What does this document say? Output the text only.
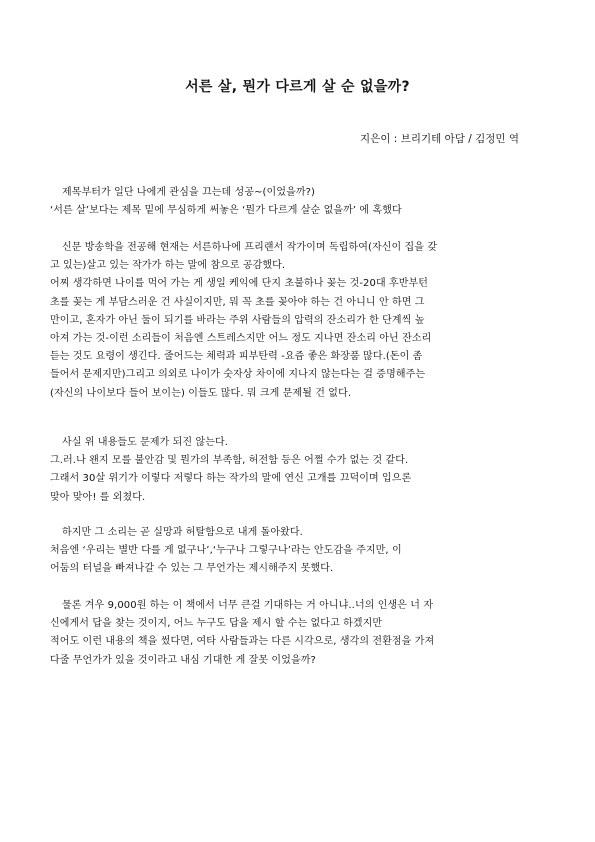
서른 살, 뭔가 다르게 살 순 없을까?
지은이 : 브리기테 아담 / 김정민 역
제목부터가 일단 나에게 관심을 끄는데 성공~(이었을까?)
‘서른 살’보다는 제목 밑에 무심하게 써놓은 ‘뭔가 다르게 살순 없을까’ 에 혹했다
신문 방송학을 전공해 현재는 서른하나에 프리랜서 작가이며 독립하여(자신이 집을 갖
고 있는)살고 있는 작가가 하는 말에 참으로 공감했다.
어찌 생각하면 나이를 먹어 가는 게 생일 케익에 단지 초불하나 꽂는 것-20대 후반부턴
초를 꽂는 게 부담스러운 건 사실이지만, 뭐 꼭 초를 꽂아야 하는 건 아니니 안 하면 그
만이고, 혼자가 아닌 둘이 되기를 바라는 주위 사람들의 압력의 잔소리가 한 단계씩 높
아져 가는 것-이런 소리들이 처음엔 스트레스지만 어느 정도 지나면 잔소리 아닌 잔소리
듣는 것도 요령이 생긴다. 줄어드는 체력과 피부탄력 -요즘 좋은 화장품 많다.(돈이 좀
들어서 문제지만)그리고 의외로 나이가 숫자상 차이에 지나지 않는다는 걸 증명해주는
(자신의 나이보다 들어 보이는) 이들도 많다. 뭐 크게 문제될 건 없다.
사실 위 내용들도 문제가 되진 않는다.
그.러.나 왠지 모를 불안감 및 뭔가의 부족함, 허전함 등은 어쩔 수가 없는 것 같다.
그래서 30살 위기가 이렇다 저렇다 하는 작가의 말에 연신 고개를 끄덕이며 입으론
맞아 맞아! 를 외쳤다.
하지만 그 소리는 곧 실망과 허탈함으로 내게 돌아왔다.
처음엔 ‘우리는 별반 다를 게 없구나’,‘누구나 그렇구나’라는 안도감을 주지만, 이
어둠의 터널을 빠져나갈 수 있는 그 무언가는 제시해주지 못했다.
물론 겨우 9,000원 하는 이 책에서 너무 큰걸 기대하는 거 아니냐..너의 인생은 너 자
신에게서 답을 찾는 것이지, 어느 누구도 답을 제시 할 수는 없다고 하겠지만
적어도 이런 내용의 책을 썼다면, 여타 사람들과는 다른 시각으로, 생각의 전환점을 가져
다줄 무언가가 있을 것이라고 내심 기대한 게 잘못 이었을까?
